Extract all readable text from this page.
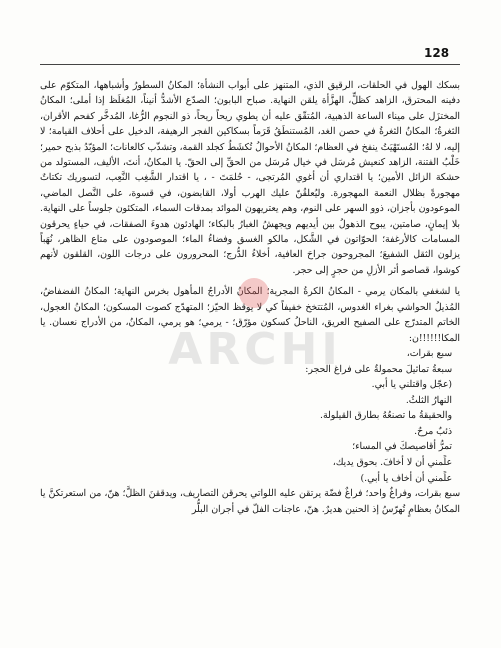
128

بسكك الهول في الحلقات، الرقيق الذي، المتنهز على أبواب النشأة؛ المكانُ السطورُ وأشباهها، المتكوّم على دفينه المحترق، الزاهد كظلٍّ، الهزَّأة يلقن النهاية. صباح البابون؛ الصدّع الأشدُّ أنيناً، المُغلَظ إذا أملى؛ المكانُ المختزَل على ميناء الساعة الذهبية، المُتقّق عليه أن يطوي ريحاً ريحاً، ذو النجوم الرُّغا، المُدخَّر كفحم الأقران، الثغرةُ؛ المكانُ الثغرةُ في حصن الغد، المُستنطَقُ قَرَماً بسكاكين الفجر الرهيفة، الدخيل على أحلاف القيامة؛ لا إليه، لا لهُ؛ المُستَهْيَتُ ينفخ في العظام؛ المكانُ الأحوالُ تُكشَطُ كجلد القمة، وتشذّب كالعانات؛ المؤبّدُ بذبح حمير؛ خَلْبُ الفتنة، الزاهد كنعيش مُرسَل في خيال مُرسَل من الحقِّ إلى الحقّ. يا المكانُ، أنتَ، الأليف، المستولد من حشكة الزائل الأمين؛ يا اقتداري أن أغوي المُرتجى، - حُلمَتَ - ، يا اقتدار الشَّغِب النَّعِب، لتسوريك تكتاتٌ مهجورةً بظلال النعمة المهجورة. وليُعلقُنّ عليك الهرب أولا، القابضون، في قسوة، على النَّصل الماضي، الموعودون بأجزان، ذوو السهر على النوم، وهم يعتريهون الموائد بمدقات السماء، المتكئون جلوساً على النهاية. بلا إيمانٍ، صامتين، يبوح الذهولُ بين أيديهم ويجهشُ الغبارُ بالبكاء؛ الهادئون هدوءَ الصفقات، في حياءٍ يحرقون المسامات كالأرغفة؛ الحوّاتون في الشَّكل، مالكو الغسق وفضاءُ الماء؛ الموصودون على متاع الظاهر، نُهَباً يزلون الثقل الشفيعَ؛ المجروحون جراحَ العافية، أخلاءُ الدُّرج؛ المحرورون على درجات اللون، القلقون لأنهم كوشوا، قصاصو أثر الأزلِ من حجرٍ إلى حجر.

يا لشغفي بالمكان يرمي - المكانُ الكرةُ المجرية؛ المكانُ الأدراجُ المأهول بخرس النهاية؛ المكانُ الفضفاضُ، المُذيلُ الحواشي بغراء الغدوس، المُتتخخ خفيفاً كي لا يوقظ الحيّز؛ المتهدّج كصوت المسكون؛ المكانُ العجول، الخاتم المتدرّج على الصفيح العريق، الناحلُ كسكون مؤرّق؛ - يرمي؛ هو يرمي، المكانُ، من الأدراج نعسان. يا المكا!!!!!!ن:

سبع بقرات،
سبعةُ تماثيلَ محمولةٌ على فراغ الحجر:
(عجّل واقتلني يا أبي.
النهارُ الثلثُ.
والحقيقةُ ما تصنعُهُ بطارق القيلولة.
ذئبٌ مرحٌ.
تمرُّ أقاصيصكَ في المساء؛
علِّمني أن لا أخافَ. بحوق يديك،
علِّمني أن أخاف يا أبي.)

سبع بقرات، وفراغٌ واحد؛ فراغٌ فضّة يرتقن عليه اللواتي يحرقن التصاريف، ويدققنَ الظلَّ؛ هنّ، من استعرتكنَّ يا المكانُ بعظامٍ تُهرّسُ إذ الحنين هديرٌ. هنّ، عاجنات الفلّ في أجران البلُّر

ARCHI
